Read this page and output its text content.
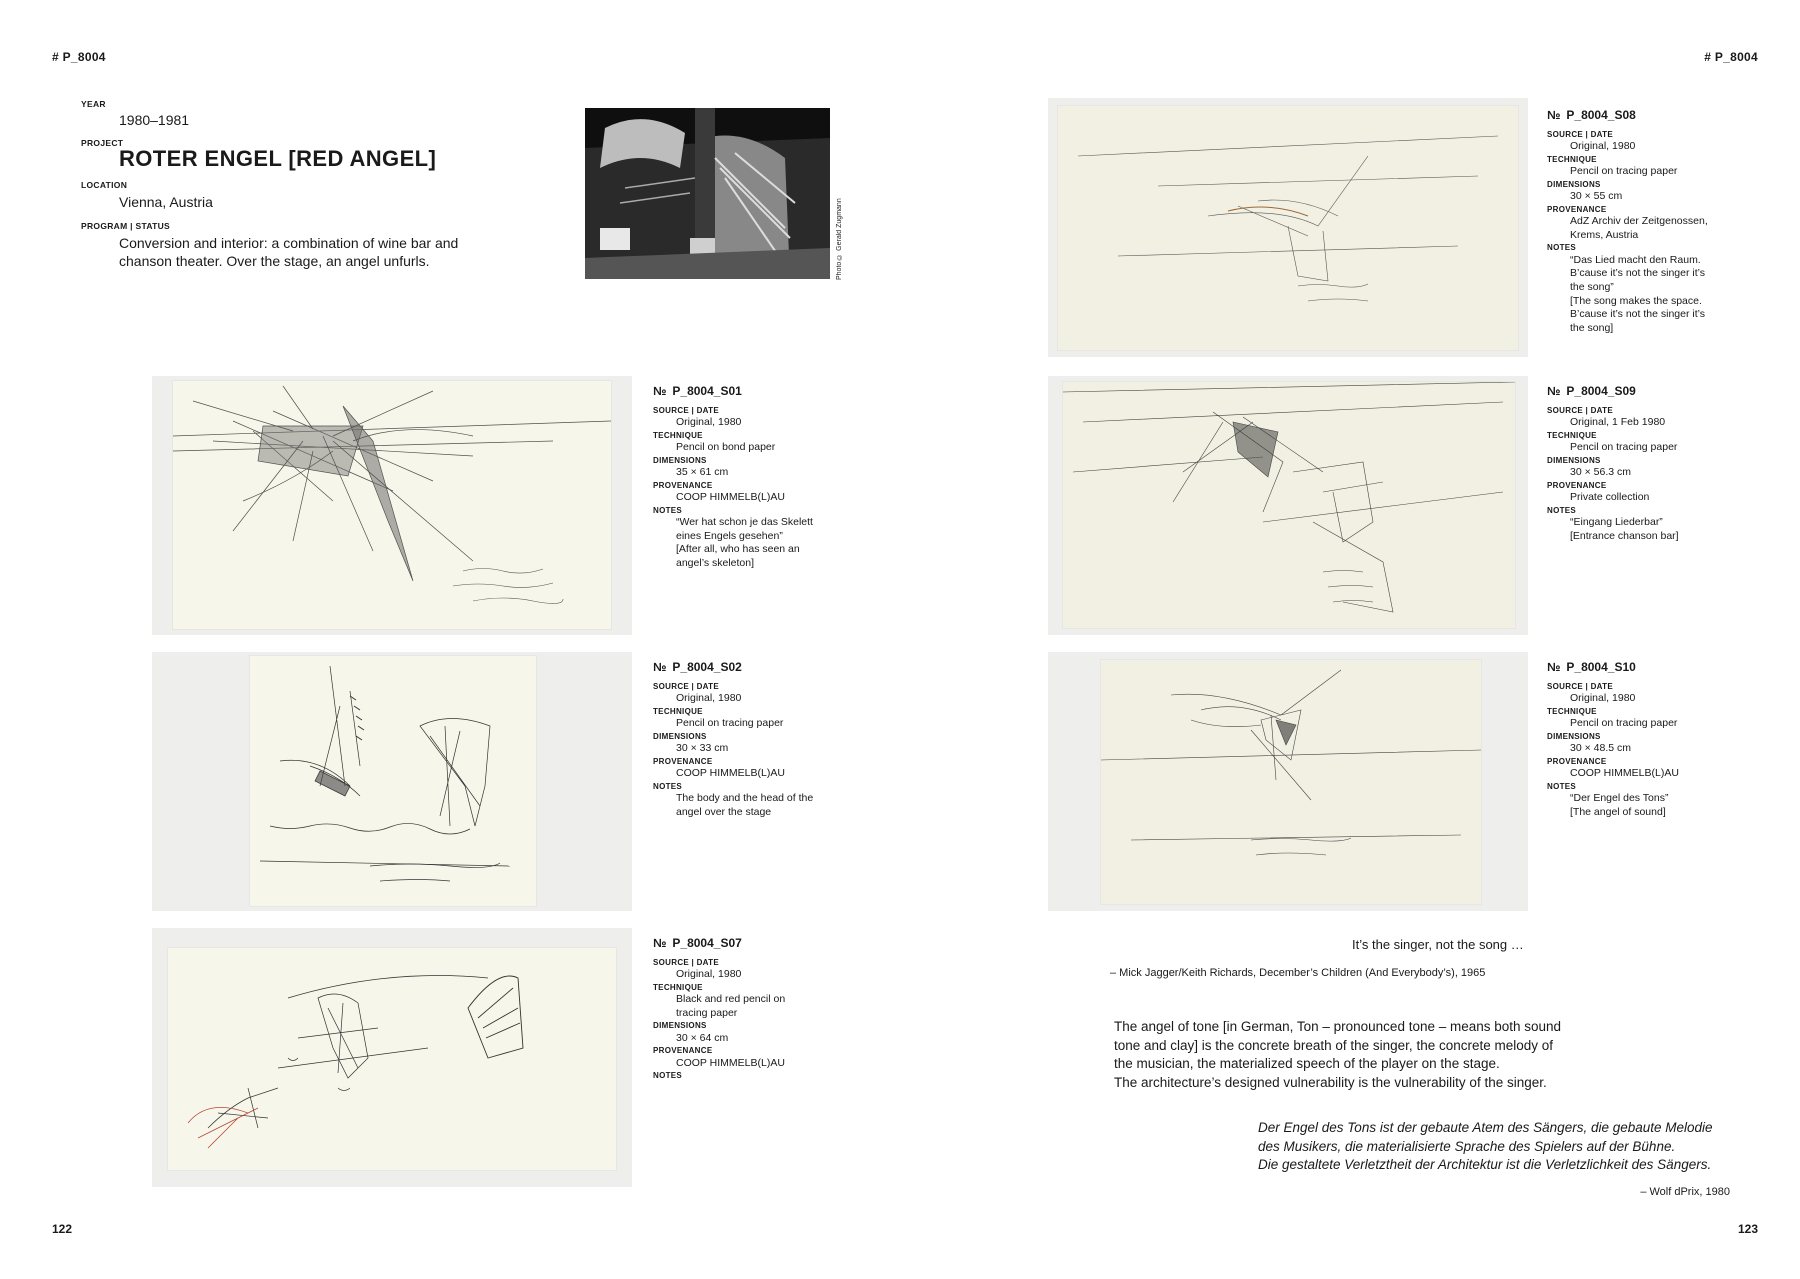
# P_8004	# P_8004
122	123
YEAR
1980–1981
PROJECT
ROTER ENGEL [RED ANGEL]
LOCATION
Vienna, Austria
PROGRAM | STATUS
Conversion and interior: a combination of wine bar and
chanson theater. Over the stage, an angel unfurls.	Photo © Gerald Zugmann
№ P_8004_S01
SOURCE | DATE
Original, 1980
TECHNIQUE
Pencil on bond paper
DIMENSIONS
35 × 61 cm
PROVENANCE
COOP HIMMELB(L)AU
NOTES
“Wer hat schon je das Skelett
eines Engels gesehen”
[After all, who has seen an
angel’s skeleton]
№ P_8004_S02
SOURCE | DATE
Original, 1980
TECHNIQUE
Pencil on tracing paper
DIMENSIONS
30 × 33 cm
PROVENANCE
COOP HIMMELB(L)AU
NOTES
The body and the head of the
angel over the stage
№ P_8004_S07
SOURCE | DATE
Original, 1980
TECHNIQUE
Black and red pencil on
tracing paper
DIMENSIONS
30 × 64 cm
PROVENANCE
COOP HIMMELB(L)AU
NOTES
№ P_8004_S08
SOURCE | DATE
Original, 1980
TECHNIQUE
Pencil on tracing paper
DIMENSIONS
30 × 55 cm
PROVENANCE
AdZ Archiv der Zeitgenossen,
Krems, Austria
NOTES
“Das Lied macht den Raum.
B’cause it’s not the singer it’s
the song”
[The song makes the space.
B’cause it’s not the singer it’s
the song]
№ P_8004_S09
SOURCE | DATE
Original, 1 Feb 1980
TECHNIQUE
Pencil on tracing paper
DIMENSIONS
30 × 56.3 cm
PROVENANCE
Private collection
NOTES
“Eingang Liederbar”
[Entrance chanson bar]
№ P_8004_S10
SOURCE | DATE
Original, 1980
TECHNIQUE
Pencil on tracing paper
DIMENSIONS
30 × 48.5 cm
PROVENANCE
COOP HIMMELB(L)AU
NOTES
“Der Engel des Tons”
[The angel of sound]
It’s the singer, not the song …
– Mick Jagger/Keith Richards, December’s Children (And Everybody’s), 1965
The angel of tone [in German, Ton – pronounced tone – means both sound
tone and clay] is the concrete breath of the singer, the concrete melody of
the musician, the materialized speech of the player on the stage.
The architecture’s designed vulnerability is the vulnerability of the singer.
Der Engel des Tons ist der gebaute Atem des Sängers, die gebaute Melodie
des Musikers, die materialisierte Sprache des Spielers auf der Bühne.
Die gestaltete Verletztheit der Architektur ist die Verletzlichkeit des Sängers.
– Wolf dPrix, 1980
